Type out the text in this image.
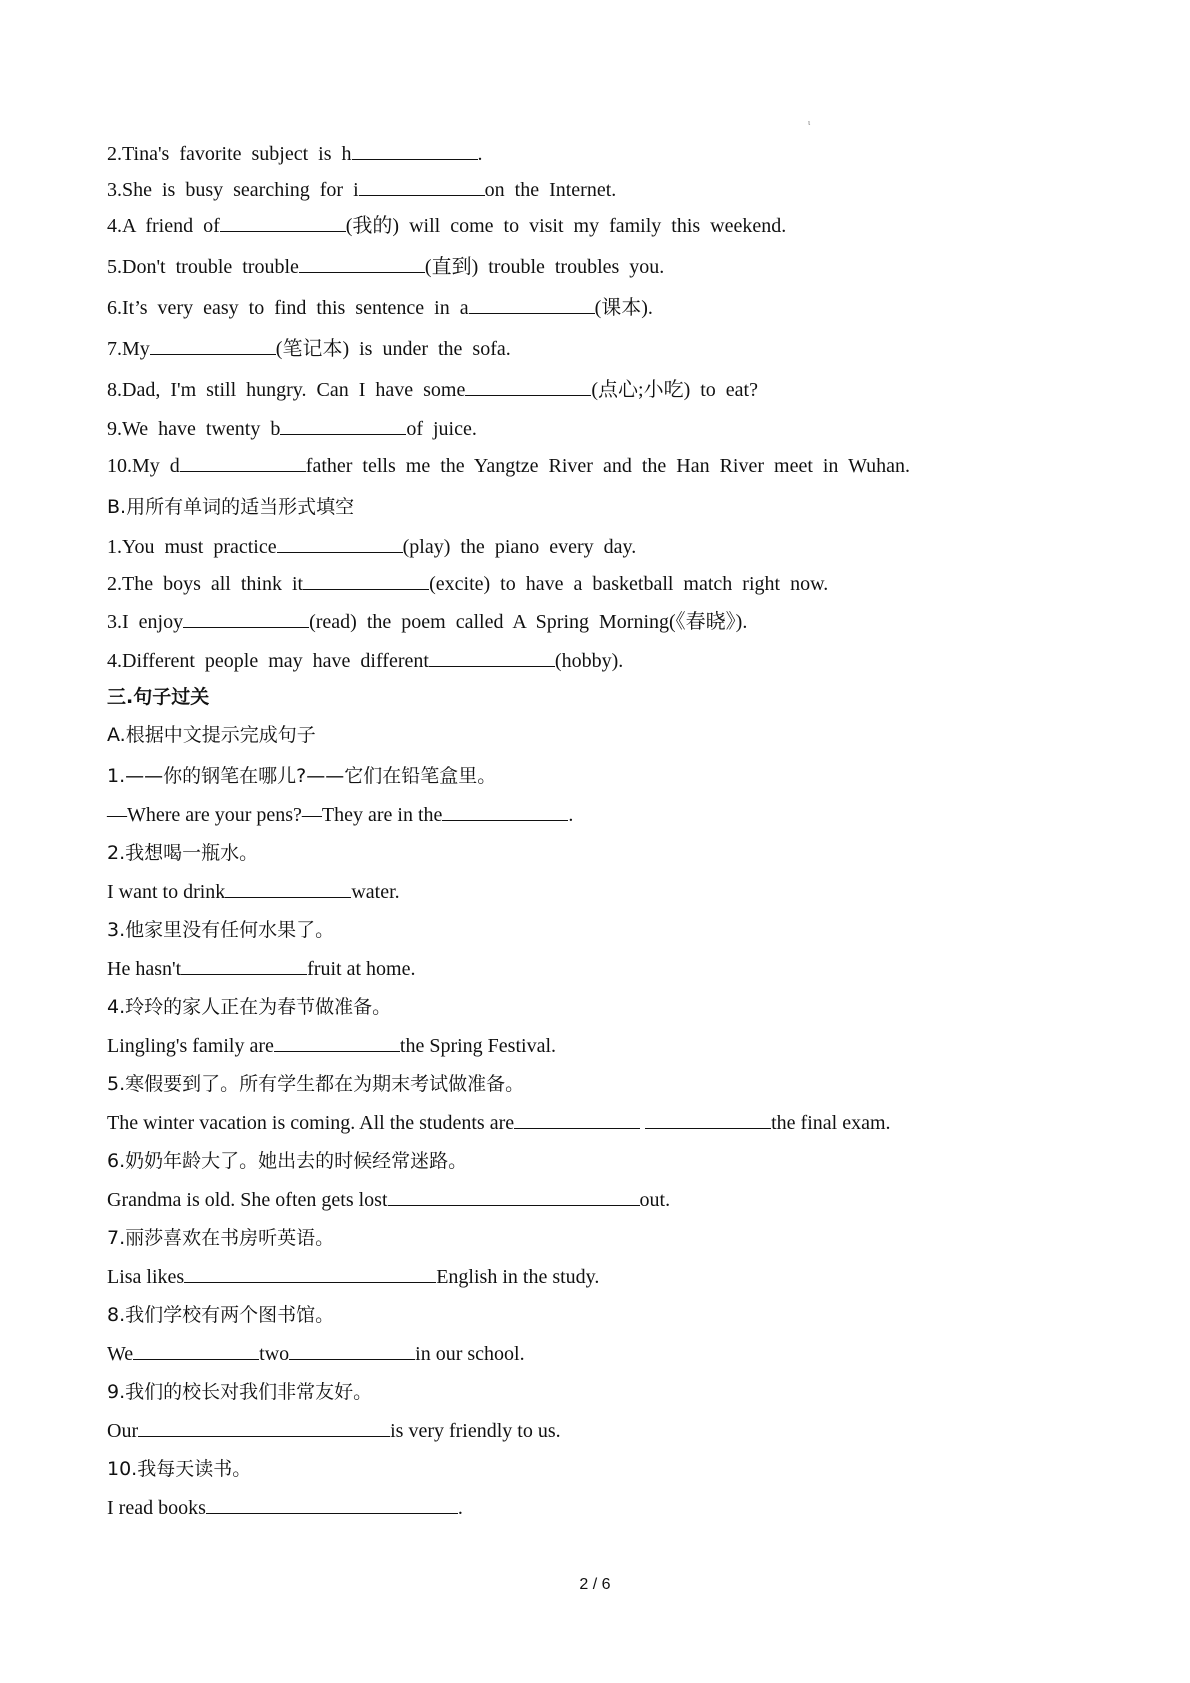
ι
2.Tina's favorite subject is h	.
3.She is busy searching for i	on the Internet.
4.A friend of	(我的) will come to visit my family this weekend.
5.Don't trouble trouble	(直到) trouble troubles you.
6.It’s very easy to find this sentence in a	(课本).
7.My	(笔记本) is under the sofa.
8.Dad, I'm still hungry. Can I have some	(点心;小吃) to eat?
9.We have twenty b	of juice.
10.My d	father tells me the Yangtze River and the Han River meet in Wuhan.
B.用所有单词的适当形式填空
1.You must practice	(play) the piano every day.
2.The boys all think it	(excite) to have a basketball match right now.
3.I enjoy	(read) the poem called A Spring Morning(《春晓》).
4.Different people may have different	(hobby).
三.句子过关
A.根据中文提示完成句子
1.——你的钢笔在哪儿?——它们在铅笔盒里。
—Where are your pens?—They are in the	.
2.我想喝一瓶水。
I want to drink	water.
3.他家里没有任何水果了。
He hasn't	fruit at home.
4.玲玲的家人正在为春节做准备。
Lingling's family are	the Spring Festival.
5.寒假要到了。所有学生都在为期末考试做准备。
The winter vacation is coming. All the students are	the final exam.
6.奶奶年龄大了。她出去的时候经常迷路。
Grandma is old. She often gets lost	out.
7.丽莎喜欢在书房听英语。
Lisa likes	English in the study.
8.我们学校有两个图书馆。
We	two	in our school.
9.我们的校长对我们非常友好。
Our	is very friendly to us.
10.我每天读书。
I read books	.
2 / 6
